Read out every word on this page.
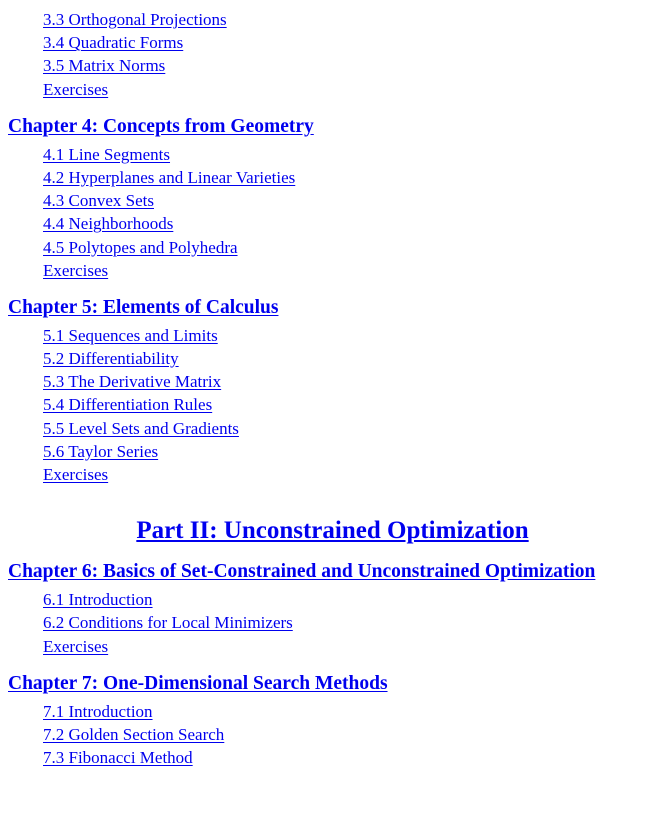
3.3 Orthogonal Projections
3.4 Quadratic Forms
3.5 Matrix Norms
Exercises
Chapter 4: Concepts from Geometry
4.1 Line Segments
4.2 Hyperplanes and Linear Varieties
4.3 Convex Sets
4.4 Neighborhoods
4.5 Polytopes and Polyhedra
Exercises
Chapter 5: Elements of Calculus
5.1 Sequences and Limits
5.2 Differentiability
5.3 The Derivative Matrix
5.4 Differentiation Rules
5.5 Level Sets and Gradients
5.6 Taylor Series
Exercises
Part II: Unconstrained Optimization
Chapter 6: Basics of Set-Constrained and Unconstrained Optimization
6.1 Introduction
6.2 Conditions for Local Minimizers
Exercises
Chapter 7: One-Dimensional Search Methods
7.1 Introduction
7.2 Golden Section Search
7.3 Fibonacci Method
